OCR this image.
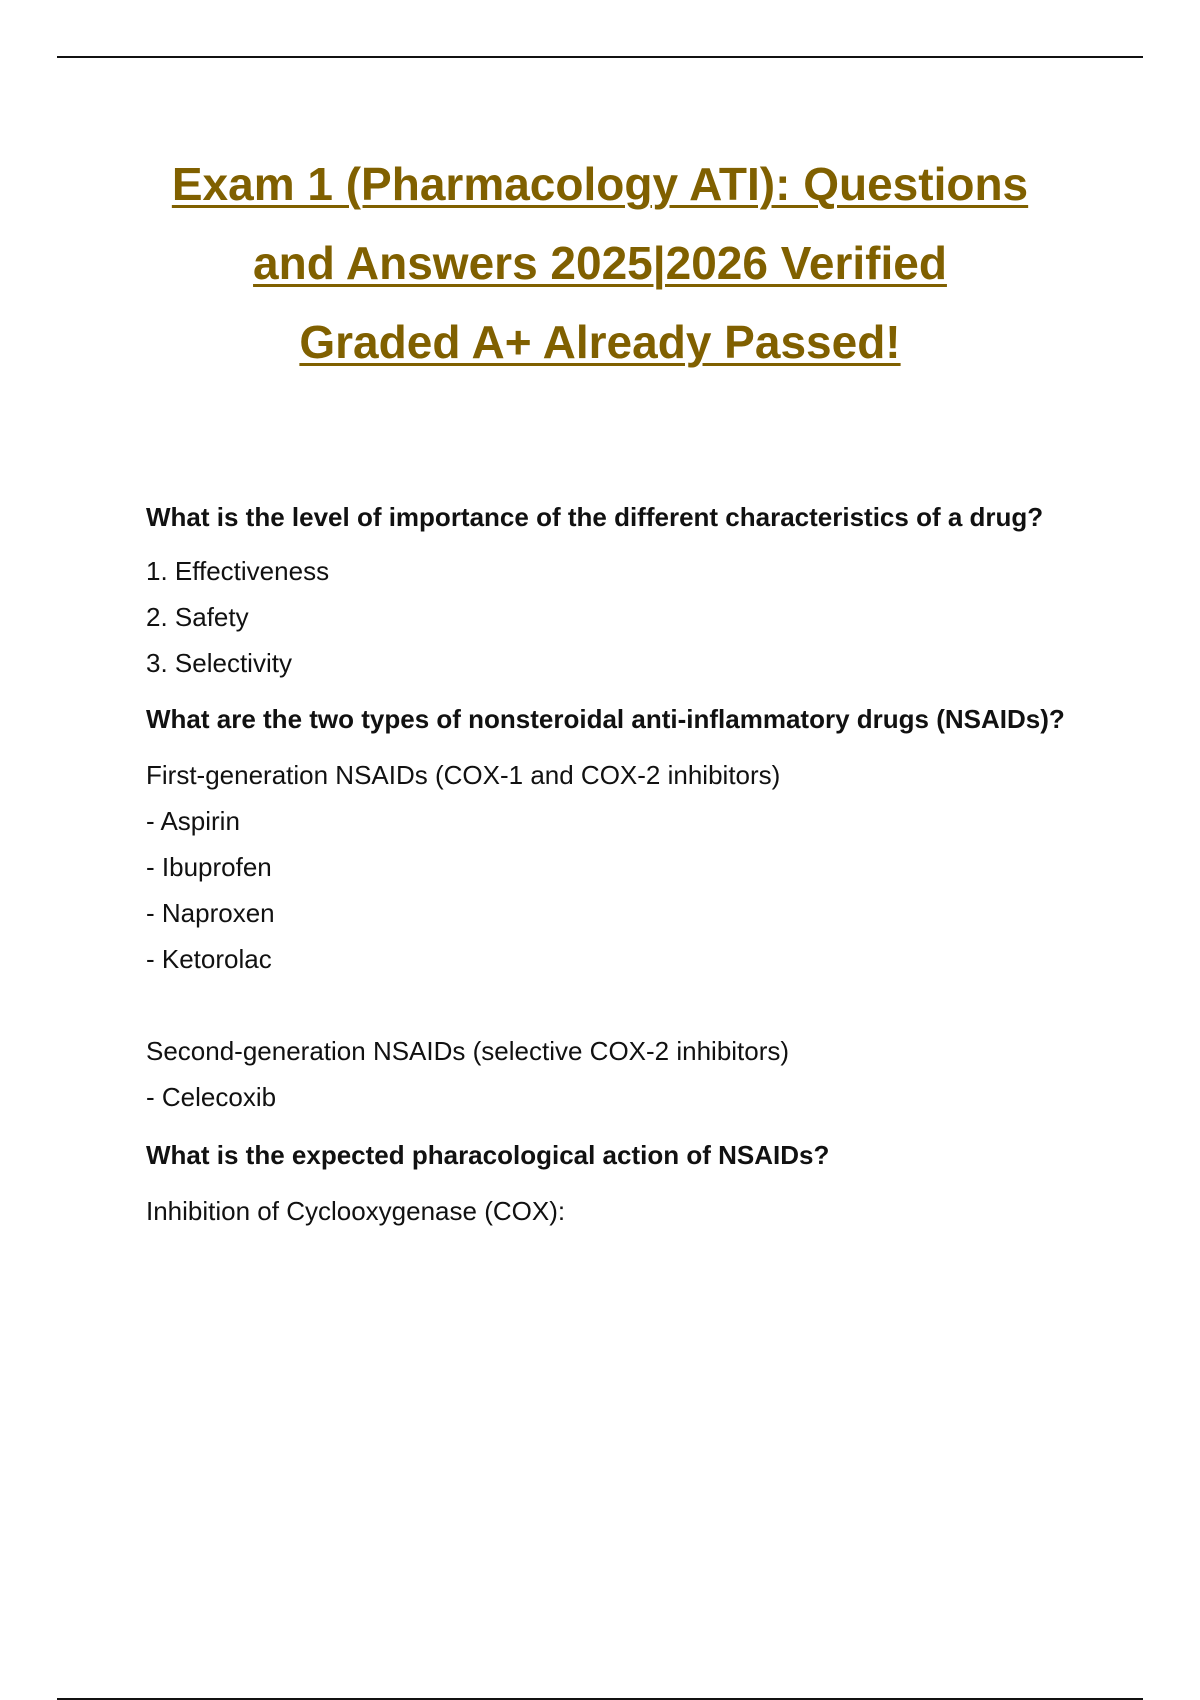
Exam 1 (Pharmacology ATI): Questions
and Answers 2025|2026 Verified
Graded A+ Already Passed!

What is the level of importance of the different characteristics of a drug?

1. Effectiveness
2. Safety
3. Selectivity

What are the two types of nonsteroidal anti-inflammatory drugs (NSAIDs)?

First-generation NSAIDs (COX-1 and COX-2 inhibitors)

- Aspirin

- Ibuprofen

- Naproxen

- Ketorolac

Second-generation NSAIDs (selective COX-2 inhibitors)

- Celecoxib

What is the expected pharacological action of NSAIDs?

Inhibition of Cyclooxygenase (COX):
